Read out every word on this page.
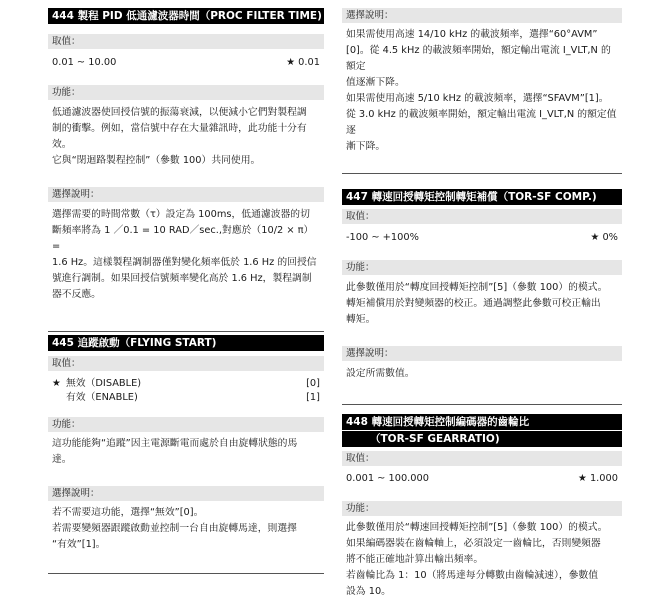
444 製程 PID 低通濾波器時間（PROC FILTER TIME)
取值：
0.01 ~ 10.00	★ 0.01
功能：

低通濾波器使回授信號的振蕩衰減，以便減小它們對製程調

制的衝擊。例如，當信號中存在大量雜訊時，此功能十分有

效。

它與“閉迴路製程控制”（參數 100）共同使用。

選擇說明：

選擇需要的時間常數（τ）設定為 100ms，低通濾波器的切

斷頻率將為 1 ／0.1 = 10 RAD／sec.,對應於（10/2 × π） =

1.6 Hz。這樣製程調制器僅對變化頻率低於 1.6 Hz 的回授信

號進行調制。如果回授信號頻率變化高於 1.6 Hz，製程調制

器不反應。

445 追蹤啟動（FLYING START)
取值：
★ 無效（DISABLE)	[0]
有效（ENABLE)	[1]
功能：

這功能能夠“追蹤”因主電源斷電而處於自由旋轉狀態的馬

達。

選擇說明：

若不需要這功能，選擇“無效”[0]。

若需要變頻器跟蹤啟動並控制一台自由旋轉馬達，則選擇

“有效”[1]。

選擇說明：

如果需使用高速 14/10 kHz 的載波頻率，選擇“60°AVM”

[0]。從 4.5 kHz 的載波頻率開始，額定輸出電流 I_VLT,N 的額定

值逐漸下降。

如果需使用高速 5/10 kHz 的載波頻率，選擇“SFAVM”[1]。

從 3.0 kHz 的載波頻率開始，額定輸出電流 I_VLT,N 的額定值逐

漸下降。

447 轉速回授轉矩控制轉矩補償（TOR-SF COMP.)
取值：
-100 ~ +100%	★ 0%
功能：

此參數僅用於“轉度回授轉矩控制”[5]（參數 100）的模式。

轉矩補償用於對變頻器的校正。通過調整此參數可校正輸出

轉矩。

選擇說明：

設定所需數值。

448 轉速回授轉矩控制編碼器的齒輪比
（TOR-SF GEARRATIO)
取值：
0.001 ~ 100.000	★ 1.000
功能：

此參數僅用於“轉速回授轉矩控制”[5]（參數 100）的模式。

如果編碼器裝在齒輪軸上，必須設定一齒輪比，否則變頻器

將不能正確地計算出輸出頻率。

若齒輪比為 1：10（將馬達每分轉數由齒輪減速），參數值

設為 10。
